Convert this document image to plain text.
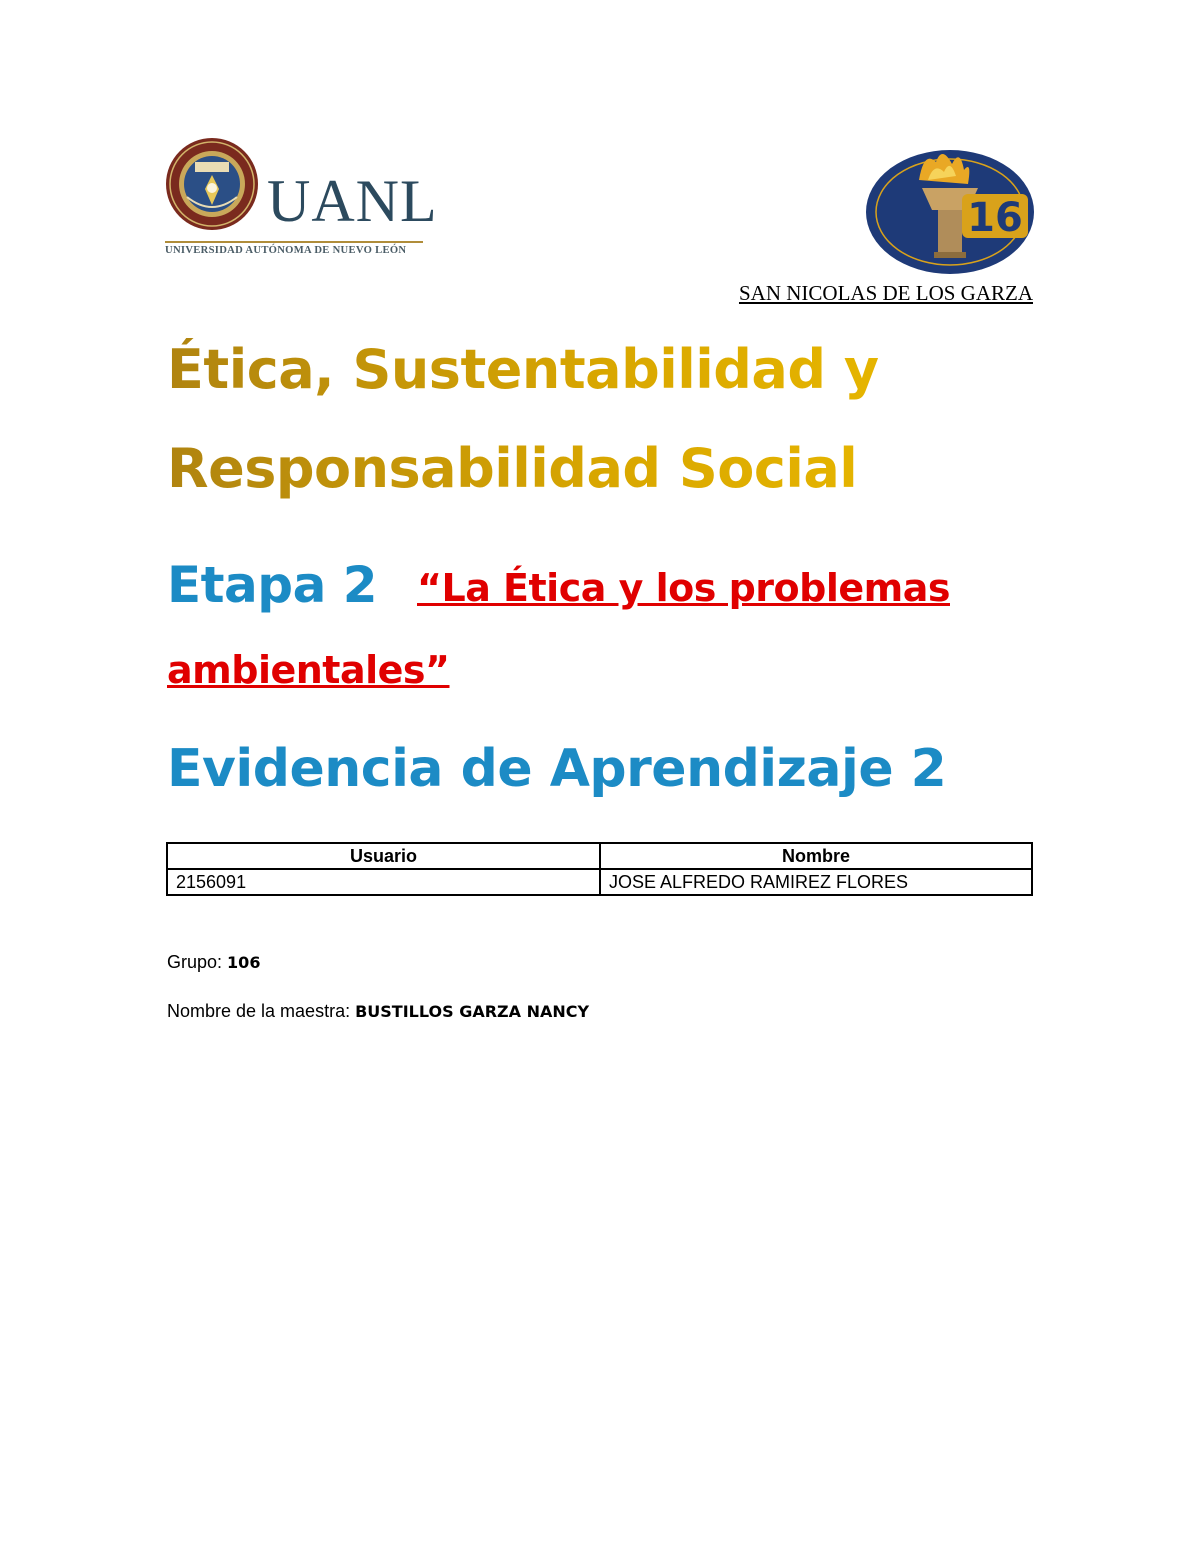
UANL
UNIVERSIDAD AUTÓNOMA DE NUEVO LEÓN
16
SAN NICOLAS DE LOS GARZA
Ética, Sustentabilidad y
Responsabilidad Social
Etapa 2 “La Ética y los problemas
ambientales”
Evidencia de Aprendizaje 2
Usuario	Nombre
2156091	JOSE ALFREDO RAMIREZ FLORES
Grupo: 106
Nombre de la maestra: BUSTILLOS GARZA NANCY
